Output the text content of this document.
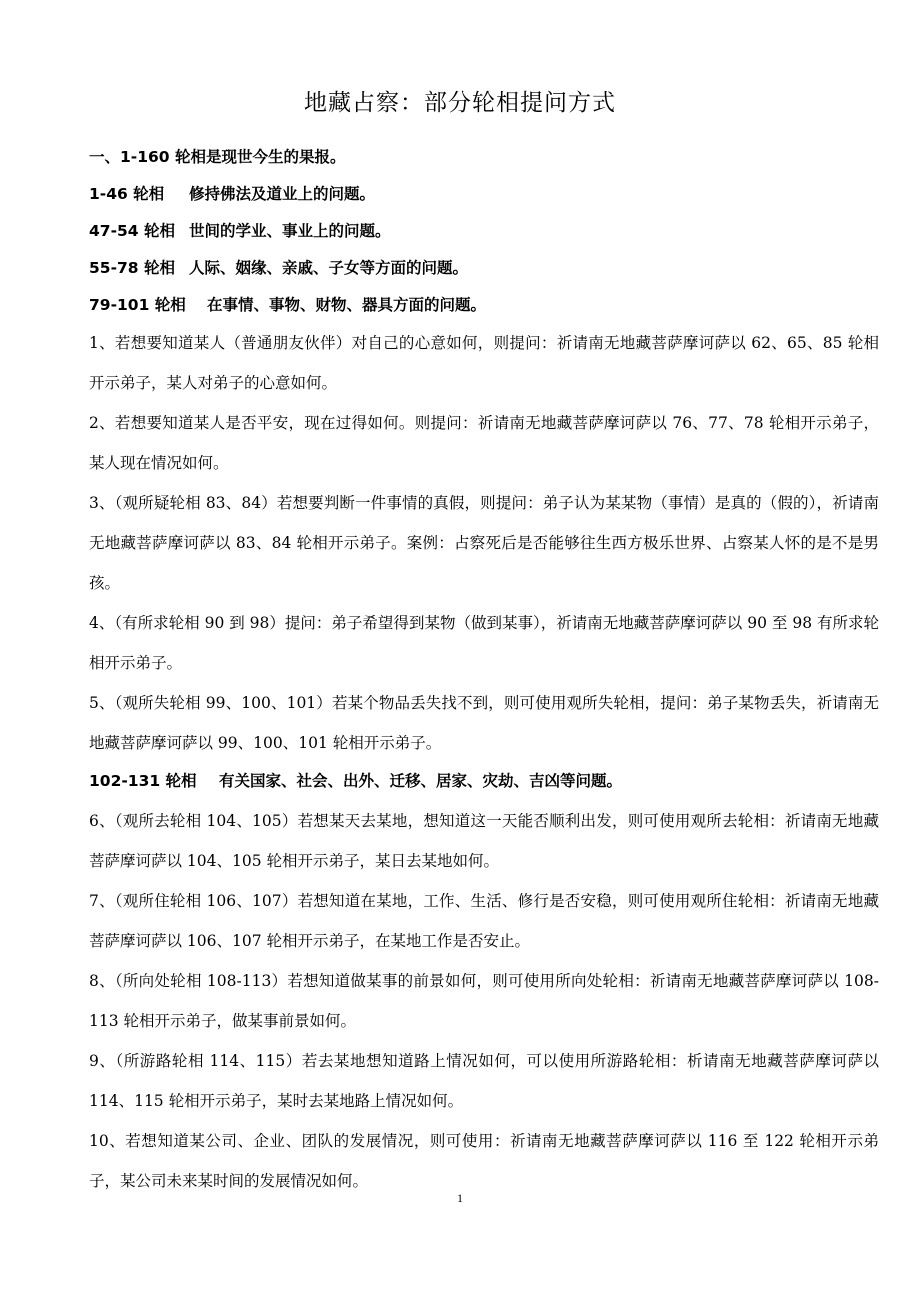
地藏占察：部分轮相提问方式
一、1-160 轮相是现世今生的果报。
1-46 轮相 修持佛法及道业上的问题。
47-54 轮相 世间的学业、事业上的问题。
55-78 轮相 人际、姻缘、亲戚、子女等方面的问题。
79-101 轮相 在事情、事物、财物、器具方面的问题。
1、若想要知道某人（普通朋友伙伴）对自己的心意如何，则提问：祈请南无地藏菩萨摩诃萨以 62、65、85 轮相开示弟子，某人对弟子的心意如何。
2、若想要知道某人是否平安，现在过得如何。则提问：祈请南无地藏菩萨摩诃萨以 76、77、78 轮相开示弟子，某人现在情况如何。
3、（观所疑轮相 83、84）若想要判断一件事情的真假，则提问：弟子认为某某物（事情）是真的（假的），祈请南无地藏菩萨摩诃萨以 83、84 轮相开示弟子。案例：占察死后是否能够往生西方极乐世界、占察某人怀的是不是男孩。
4、（有所求轮相 90 到 98）提问：弟子希望得到某物（做到某事），祈请南无地藏菩萨摩诃萨以 90 至 98 有所求轮相开示弟子。
5、（观所失轮相 99、100、101）若某个物品丢失找不到，则可使用观所失轮相，提问：弟子某物丢失，祈请南无地藏菩萨摩诃萨以 99、100、101 轮相开示弟子。
102-131 轮相 有关国家、社会、出外、迁移、居家、灾劫、吉凶等问题。
6、（观所去轮相 104、105）若想某天去某地，想知道这一天能否顺利出发，则可使用观所去轮相：祈请南无地藏菩萨摩诃萨以 104、105 轮相开示弟子，某日去某地如何。
7、（观所住轮相 106、107）若想知道在某地，工作、生活、修行是否安稳，则可使用观所住轮相：祈请南无地藏菩萨摩诃萨以 106、107 轮相开示弟子，在某地工作是否安止。
8、（所向处轮相 108-113）若想知道做某事的前景如何，则可使用所向处轮相：祈请南无地藏菩萨摩诃萨以 108-113 轮相开示弟子，做某事前景如何。
9、（所游路轮相 114、115）若去某地想知道路上情况如何，可以使用所游路轮相：析请南无地藏菩萨摩诃萨以 114、115 轮相开示弟子，某时去某地路上情况如何。
10、若想知道某公司、企业、团队的发展情况，则可使用：祈请南无地藏菩萨摩诃萨以 116 至 122 轮相开示弟子，某公司未来某时间的发展情况如何。
1
